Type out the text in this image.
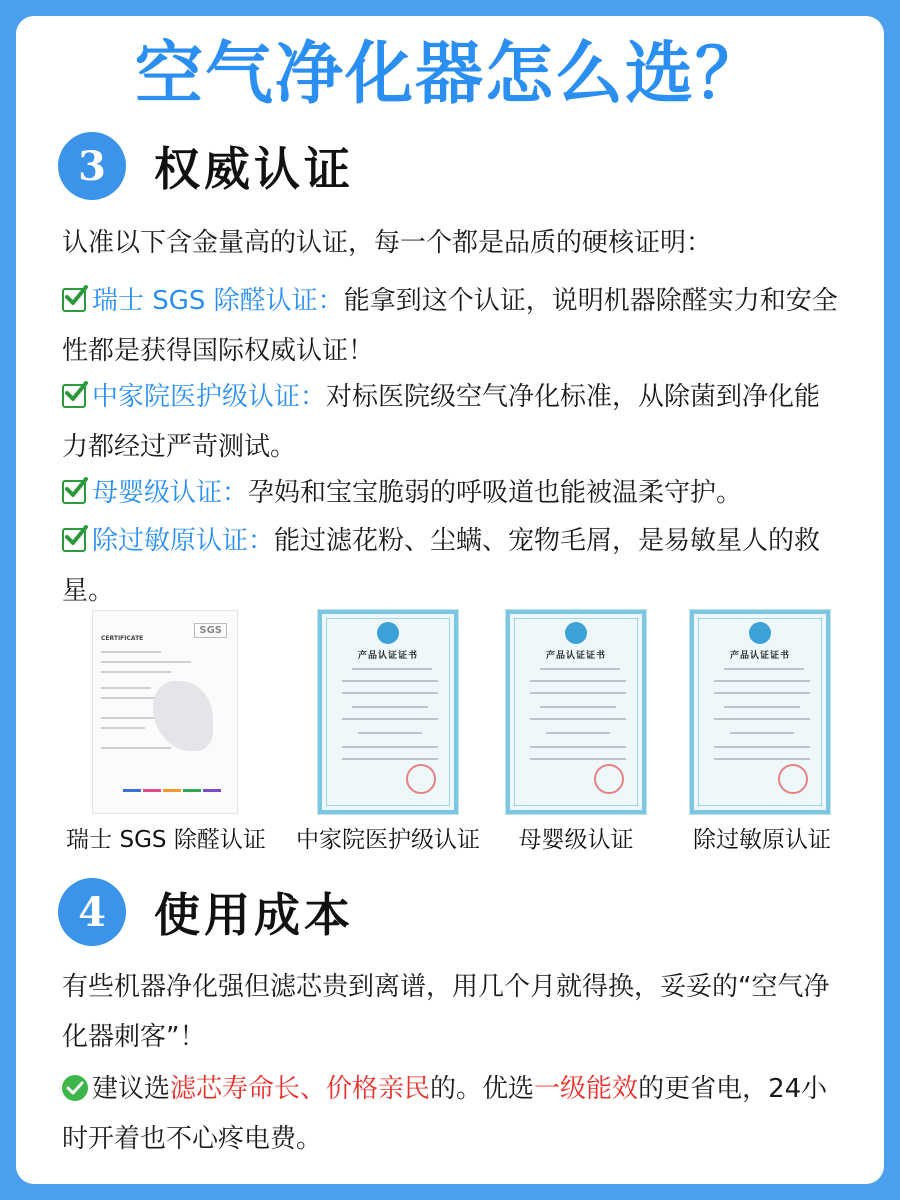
空气净化器怎么选？
3	权威认证
认准以下含金量高的认证，每一个都是品质的硬核证明：
瑞士 SGS 除醛认证：能拿到这个认证，说明机器除醛实力和安全性都是获得国际权威认证！
中家院医护级认证：对标医院级空气净化标准，从除菌到净化能力都经过严苛测试。
母婴级认证：孕妈和宝宝脆弱的呼吸道也能被温柔守护。
除过敏原认证：能过滤花粉、尘螨、宠物毛屑，是易敏星人的救星。
SGS
CERTIFICATE
产品认证证书	产品认证证书	产品认证证书
瑞士 SGS 除醛认证	中家院医护级认证	母婴级认证	除过敏原认证
4	使用成本
有些机器净化强但滤芯贵到离谱，用几个月就得换，妥妥的“空气净化器刺客”！
建议选滤芯寿命长、价格亲民的。优选一级能效的更省电，24小时开着也不心疼电费。
